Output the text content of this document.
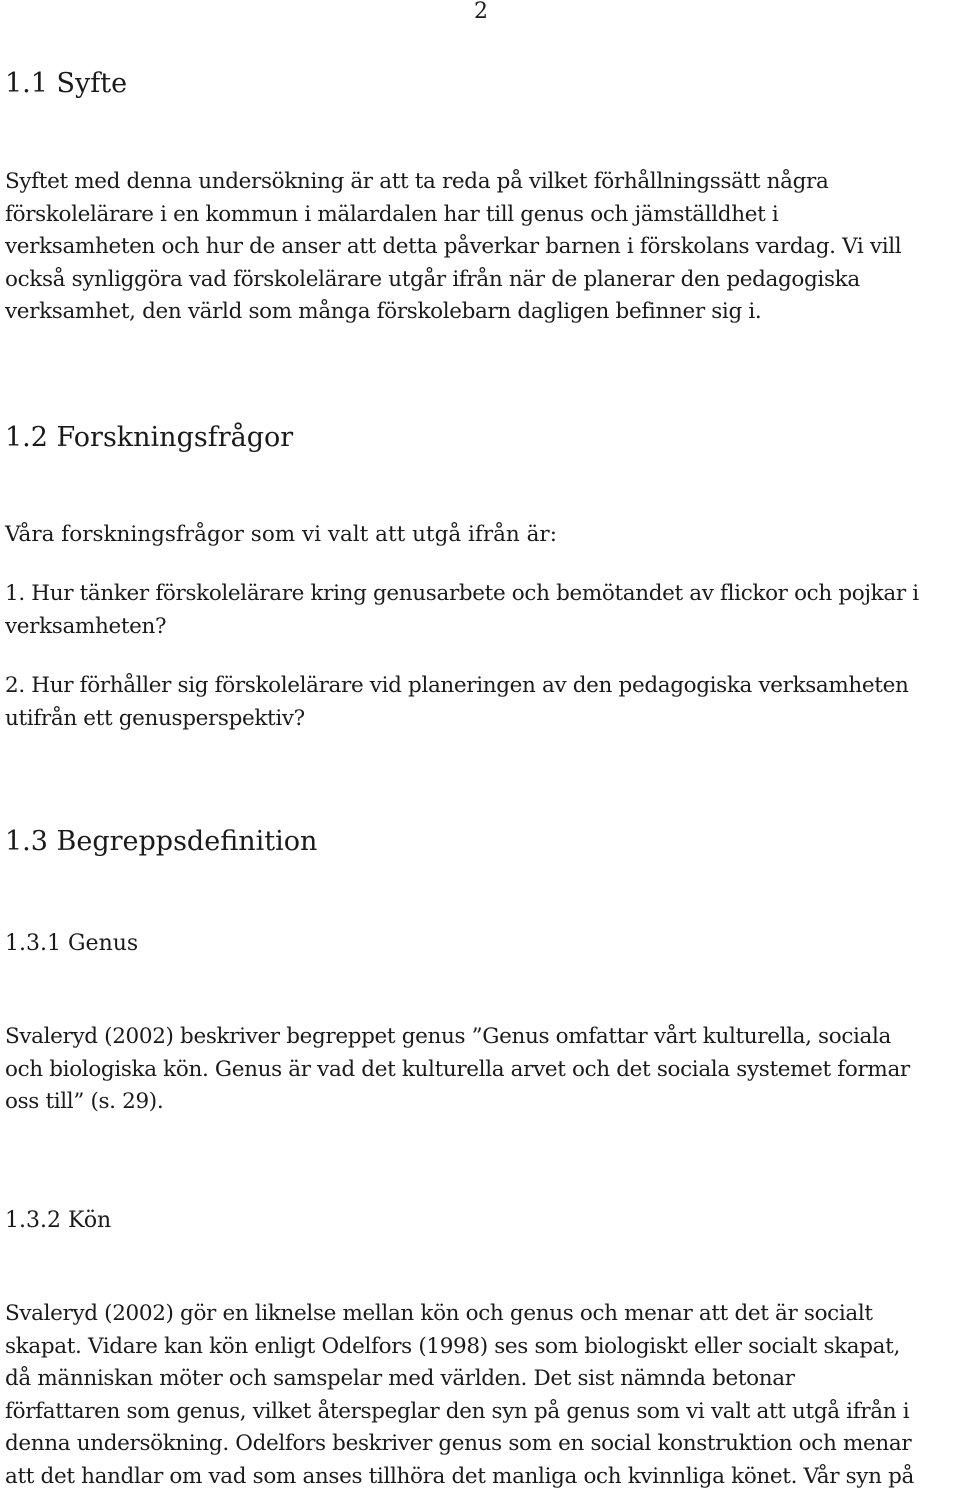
2
1.1 Syfte

Syftet med denna undersökning är att ta reda på vilket förhållningssätt några
förskolelärare i en kommun i mälardalen har till genus och jämställdhet i
verksamheten och hur de anser att detta påverkar barnen i förskolans vardag. Vi vill
också synliggöra vad förskolelärare utgår ifrån när de planerar den pedagogiska
verksamhet, den värld som många förskolebarn dagligen befinner sig i.

1.2 Forskningsfrågor

Våra forskningsfrågor som vi valt att utgå ifrån är:

1. Hur tänker förskolelärare kring genusarbete och bemötandet av flickor och pojkar i
verksamheten?

2. Hur förhåller sig förskolelärare vid planeringen av den pedagogiska verksamheten
utifrån ett genusperspektiv?

1.3 Begreppsdefinition
1.3.1 Genus

Svaleryd (2002) beskriver begreppet genus ”Genus omfattar vårt kulturella, sociala
och biologiska kön. Genus är vad det kulturella arvet och det sociala systemet formar
oss till” (s. 29).

1.3.2 Kön

Svaleryd (2002) gör en liknelse mellan kön och genus och menar att det är socialt
skapat. Vidare kan kön enligt Odelfors (1998) ses som biologiskt eller socialt skapat,
då människan möter och samspelar med världen. Det sist nämnda betonar
författaren som genus, vilket återspeglar den syn på genus som vi valt att utgå ifrån i
denna undersökning. Odelfors beskriver genus som en social konstruktion och menar
att det handlar om vad som anses tillhöra det manliga och kvinnliga könet. Vår syn på
